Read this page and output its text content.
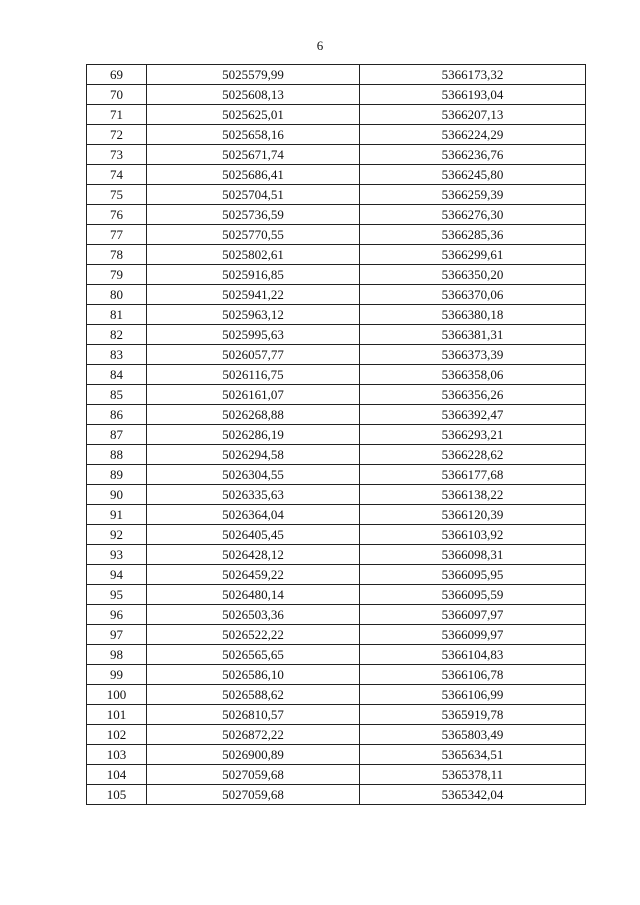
6
69	5025579,99	5366173,32
70	5025608,13	5366193,04
71	5025625,01	5366207,13
72	5025658,16	5366224,29
73	5025671,74	5366236,76
74	5025686,41	5366245,80
75	5025704,51	5366259,39
76	5025736,59	5366276,30
77	5025770,55	5366285,36
78	5025802,61	5366299,61
79	5025916,85	5366350,20
80	5025941,22	5366370,06
81	5025963,12	5366380,18
82	5025995,63	5366381,31
83	5026057,77	5366373,39
84	5026116,75	5366358,06
85	5026161,07	5366356,26
86	5026268,88	5366392,47
87	5026286,19	5366293,21
88	5026294,58	5366228,62
89	5026304,55	5366177,68
90	5026335,63	5366138,22
91	5026364,04	5366120,39
92	5026405,45	5366103,92
93	5026428,12	5366098,31
94	5026459,22	5366095,95
95	5026480,14	5366095,59
96	5026503,36	5366097,97
97	5026522,22	5366099,97
98	5026565,65	5366104,83
99	5026586,10	5366106,78
100	5026588,62	5366106,99
101	5026810,57	5365919,78
102	5026872,22	5365803,49
103	5026900,89	5365634,51
104	5027059,68	5365378,11
105	5027059,68	5365342,04
